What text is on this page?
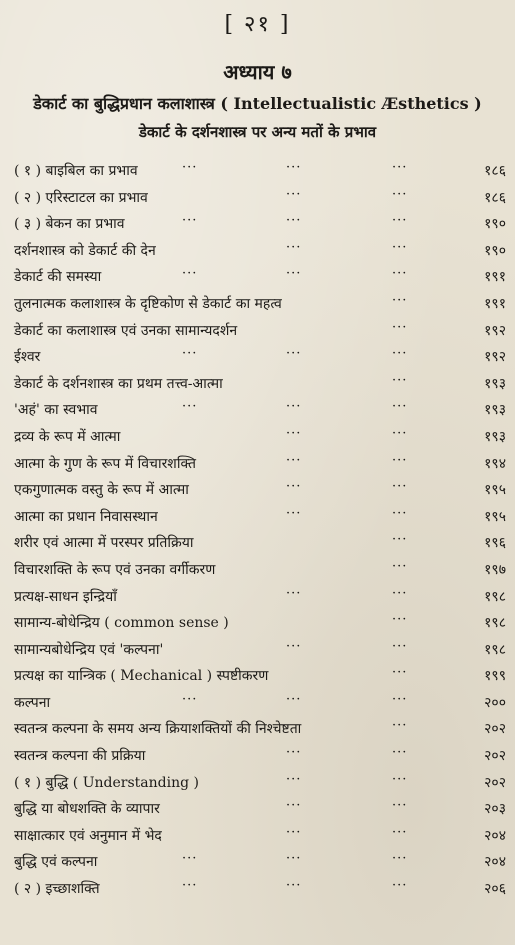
[ २१ ]
अध्याय ७
डेकार्ट का बुद्धिप्रधान कलाशास्त्र ( Intellectualistic Æsthetics )
डेकार्ट के दर्शनशास्त्र पर अन्य मतों के प्रभाव
( १ ) बाइबिल का प्रभाव	···	···	···	१८६
( २ ) एरिस्टाटल का प्रभाव	···	···	१८६
( ३ ) बेकन का प्रभाव	···	···	···	१९०
दर्शनशास्त्र को डेकार्ट की देन	···	···	१९०
डेकार्ट की समस्या	···	···	···	१९१
तुलनात्मक कलाशास्त्र के दृष्टिकोण से डेकार्ट का महत्व	···	१९१
डेकार्ट का कलाशास्त्र एवं उनका सामान्यदर्शन	···	१९२
ईश्वर	···	···	···	१९२
डेकार्ट के दर्शनशास्त्र का प्रथम तत्त्व-आत्मा	···	१९३
'अहं' का स्वभाव	···	···	···	१९३
द्रव्य के रूप में आत्मा	···	···	१९३
आत्मा के गुण के रूप में विचारशक्ति	···	···	१९४
एकगुणात्मक वस्तु के रूप में आत्मा	···	···	१९५
आत्मा का प्रधान निवासस्थान	···	···	१९५
शरीर एवं आत्मा में परस्पर प्रतिक्रिया	···	१९६
विचारशक्ति के रूप एवं उनका वर्गीकरण	···	१९७
प्रत्यक्ष-साधन इन्द्रियाँ	···	···	१९८
सामान्य-बोधेन्द्रिय ( common sense )	···	१९८
सामान्यबोधेन्द्रिय एवं 'कल्पना'	···	···	१९८
प्रत्यक्ष का यान्त्रिक ( Mechanical ) स्पष्टीकरण	···	१९९
कल्पना	···	···	···	२००
स्वतन्त्र कल्पना के समय अन्य क्रियाशक्तियों की निश्चेष्टता	···	२०२
स्वतन्त्र कल्पना की प्रक्रिया	···	···	२०२
( १ ) बुद्धि ( Understanding )	···	···	२०२
बुद्धि या बोधशक्ति के व्यापार	···	···	२०३
साक्षात्कार एवं अनुमान में भेद	···	···	२०४
बुद्धि एवं कल्पना	···	···	···	२०४
( २ ) इच्छाशक्ति	···	···	···	२०६
